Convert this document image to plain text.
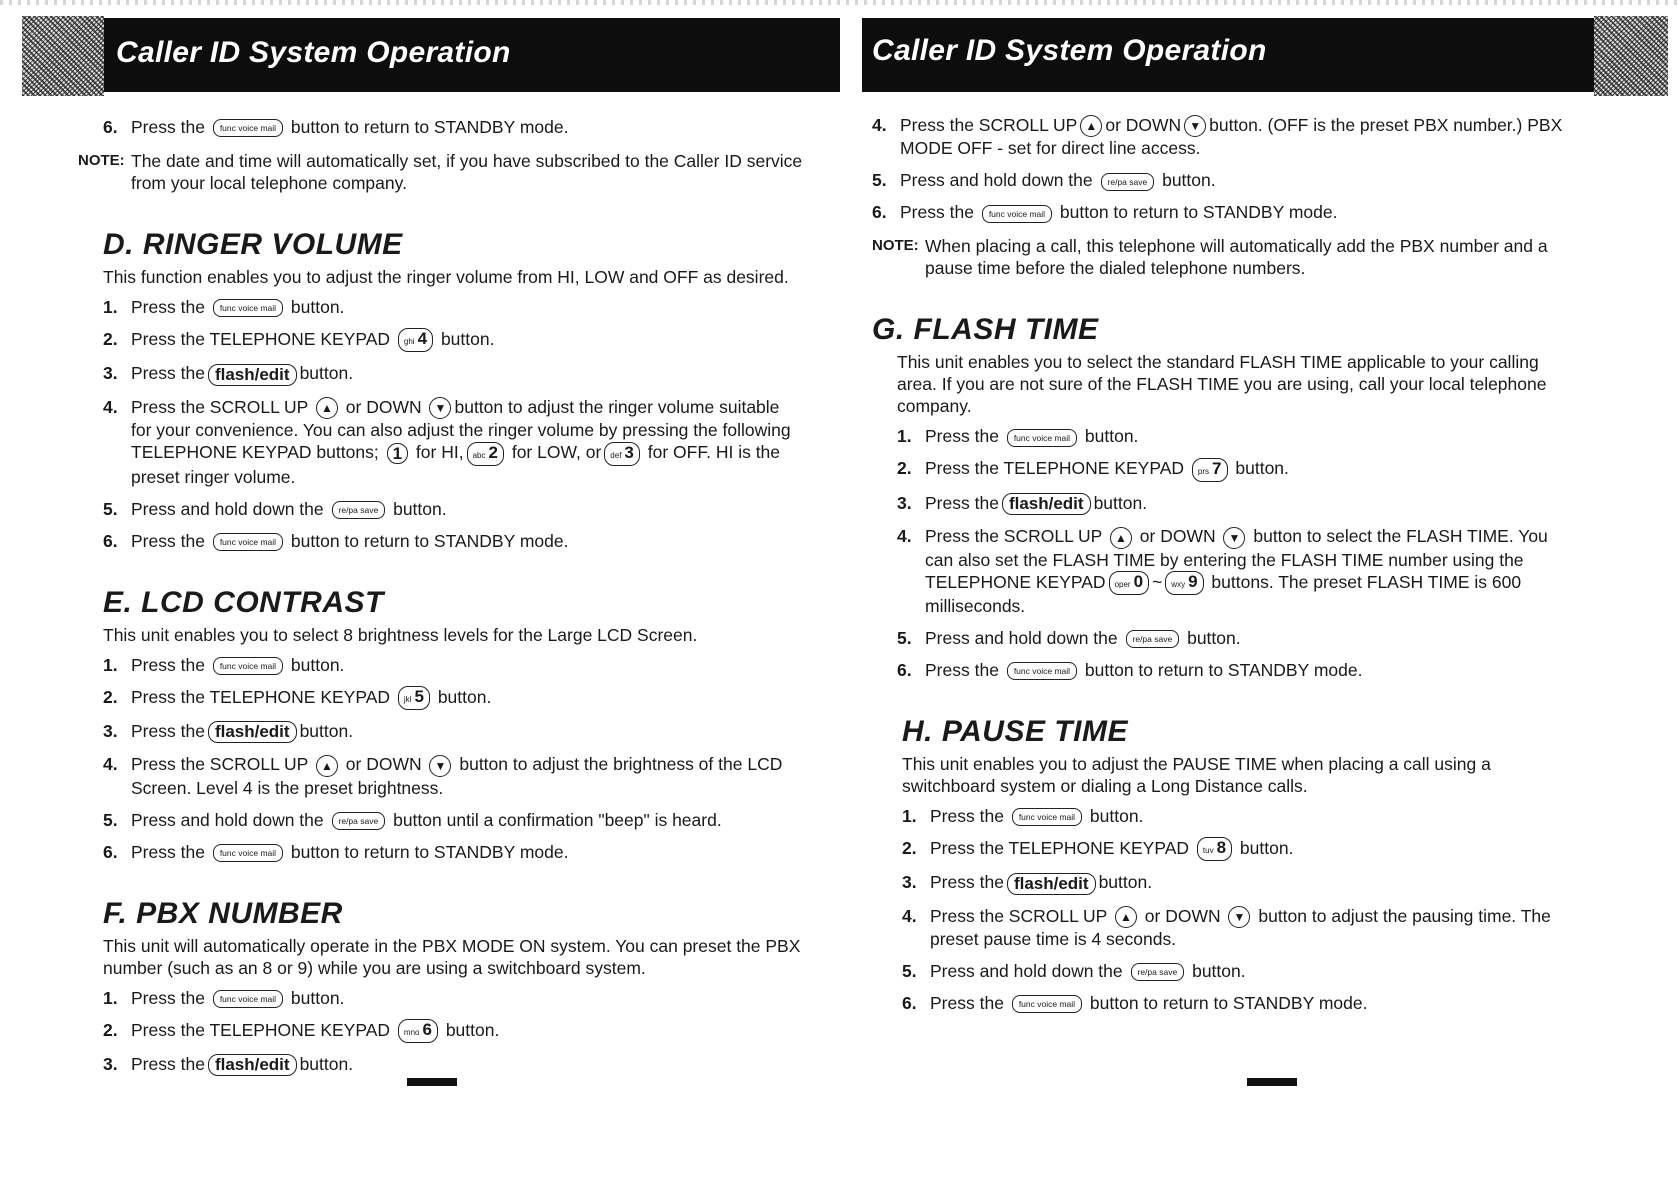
Caller ID System Operation

6. Press the func voice mail button to return to STANDBY mode.

NOTE: The date and time will automatically set, if you have subscribed to the Caller ID service from your local telephone company.

D. RINGER VOLUME

This function enables you to adjust the ringer volume from HI, LOW and OFF as desired.

1. Press the func voice mail button.

2. Press the TELEPHONE KEYPAD ghi 4 button.

3. Press the flash/edit button.

4. Press the SCROLL UP ▲ or DOWN ▼ button to adjust the ringer volume suitable for your convenience. You can also adjust the ringer volume by pressing the following TELEPHONE KEYPAD buttons; 1 for HI, abc 2 for LOW, or def 3 for OFF. HI is the preset ringer volume.

5. Press and hold down the re/pa save button.

6. Press the func voice mail button to return to STANDBY mode.

E. LCD CONTRAST

This unit enables you to select 8 brightness levels for the Large LCD Screen.

1. Press the func voice mail button.

2. Press the TELEPHONE KEYPAD jkl 5 button.

3. Press the flash/edit button.

4. Press the SCROLL UP ▲ or DOWN ▼ button to adjust the brightness of the LCD Screen. Level 4 is the preset brightness.

5. Press and hold down the re/pa save button until a confirmation "beep" is heard.

6. Press the func voice mail button to return to STANDBY mode.

F. PBX NUMBER

This unit will automatically operate in the PBX MODE ON system. You can preset the PBX number (such as an 8 or 9) while you are using a switchboard system.

1. Press the func voice mail button.

2. Press the TELEPHONE KEYPAD mno 6 button.

3. Press the flash/edit button.

Caller ID System Operation

4. Press the SCROLL UP ▲ or DOWN ▼ button. (OFF is the preset PBX number.) PBX MODE OFF - set for direct line access.

5. Press and hold down the re/pa save button.

6. Press the func voice mail button to return to STANDBY mode.

NOTE: When placing a call, this telephone will automatically add the PBX number and a pause time before the dialed telephone numbers.

G. FLASH TIME

This unit enables you to select the standard FLASH TIME applicable to your calling area. If you are not sure of the FLASH TIME you are using, call your local telephone company.

1. Press the func voice mail button.

2. Press the TELEPHONE KEYPAD prs 7 button.

3. Press the flash/edit button.

4. Press the SCROLL UP ▲ or DOWN ▼ button to select the FLASH TIME. You can also set the FLASH TIME by entering the FLASH TIME number using the TELEPHONE KEYPAD oper 0 ~ wxy 9 buttons. The preset FLASH TIME is 600 milliseconds.

5. Press and hold down the re/pa save button.

6. Press the func voice mail button to return to STANDBY mode.

H. PAUSE TIME

This unit enables you to adjust the PAUSE TIME when placing a call using a switchboard system or dialing a Long Distance calls.

1. Press the func voice mail button.

2. Press the TELEPHONE KEYPAD tuv 8 button.

3. Press the flash/edit button.

4. Press the SCROLL UP ▲ or DOWN ▼ button to adjust the pausing time. The preset pause time is 4 seconds.

5. Press and hold down the re/pa save button.

6. Press the func voice mail button to return to STANDBY mode.
